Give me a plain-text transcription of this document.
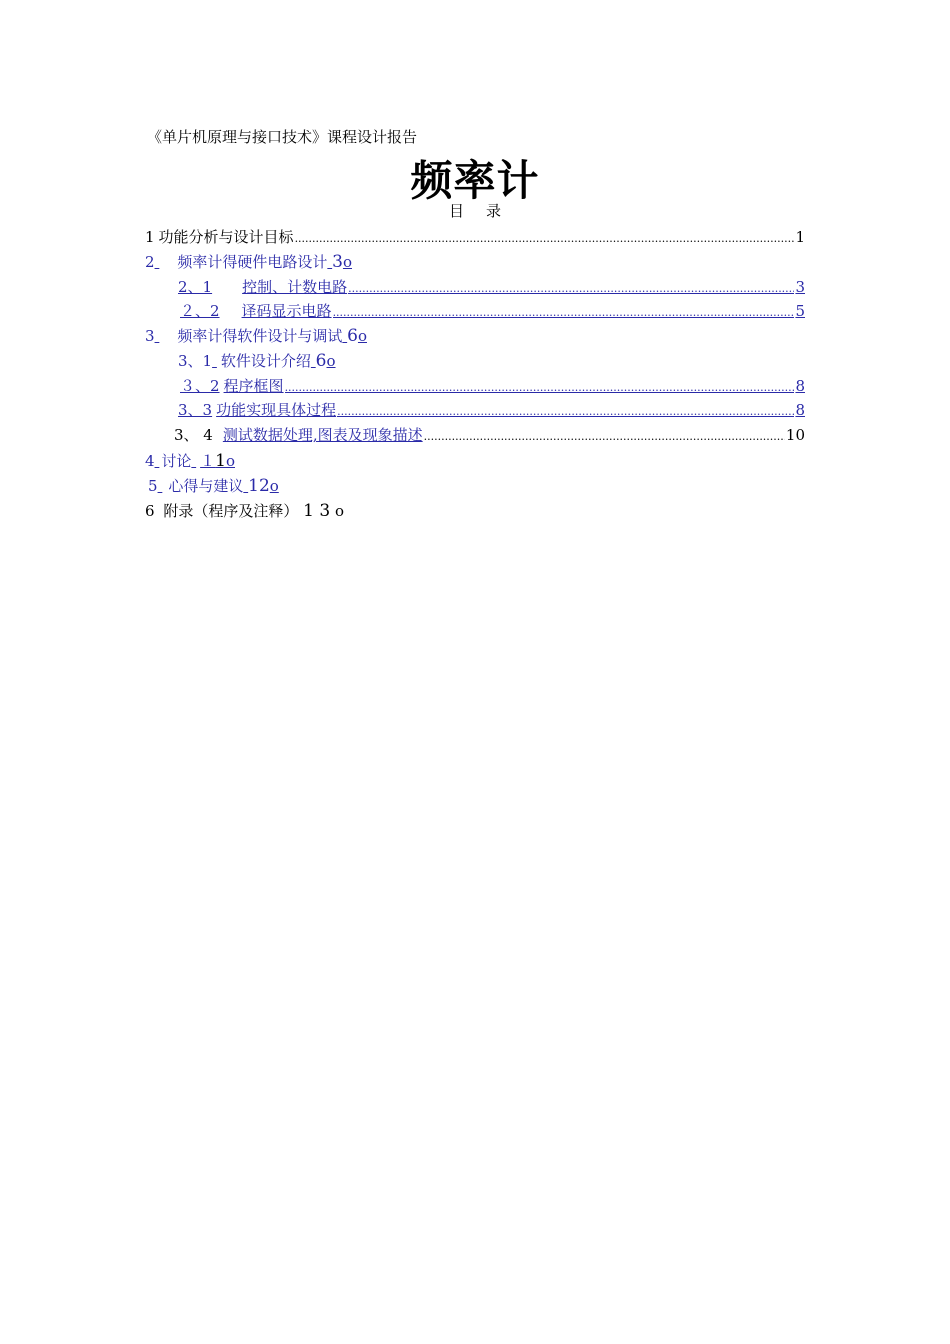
《单片机原理与接口技术》课程设计报告
频率计
目 录
1 功能分析与设计目标 .....	1
2 频率计得硬件电路设计 3o
2、1 控制、计数电路 .....	3
２、2 译码显示电路 .....	5
3 频率计得软件设计与调试 6o
3、1 软件设计介绍 6o
３、2 程序框图 .....	8
3、3 功能实现具体过程 .....	8
3、 4 测试数据处理,图表及现象描述 .....	10
4 讨论 １1o
5 心得与建议 12o
6 附录（程序及注释） 1 3 o
